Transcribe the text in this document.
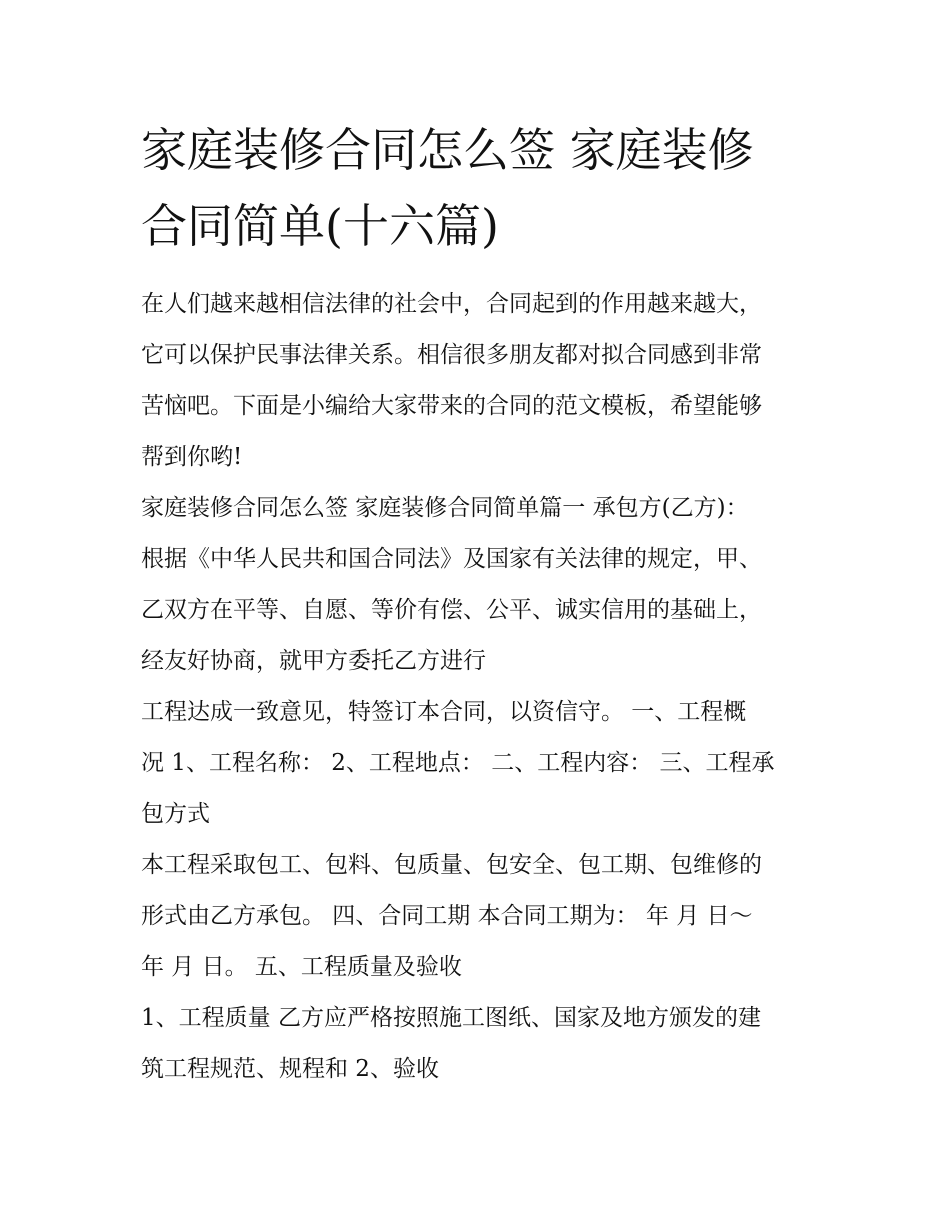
家庭装修合同怎么签 家庭装修
合同简单(十六篇)
在人们越来越相信法律的社会中，合同起到的作用越来越大，
它可以保护民事法律关系。相信很多朋友都对拟合同感到非常
苦恼吧。下面是小编给大家带来的合同的范文模板，希望能够
帮到你哟!
家庭装修合同怎么签 家庭装修合同简单篇一 承包方(乙方)：
根据《中华人民共和国合同法》及国家有关法律的规定，甲、
乙双方在平等、自愿、等价有偿、公平、诚实信用的基础上，
经友好协商，就甲方委托乙方进行
工程达成一致意见，特签订本合同，以资信守。 一、工程概
况 1、工程名称： 2、工程地点： 二、工程内容： 三、工程承
包方式
本工程采取包工、包料、包质量、包安全、包工期、包维修的
形式由乙方承包。 四、合同工期 本合同工期为： 年 月 日～
年 月 日。 五、工程质量及验收
1、工程质量 乙方应严格按照施工图纸、国家及地方颁发的建
筑工程规范、规程和 2、验收
